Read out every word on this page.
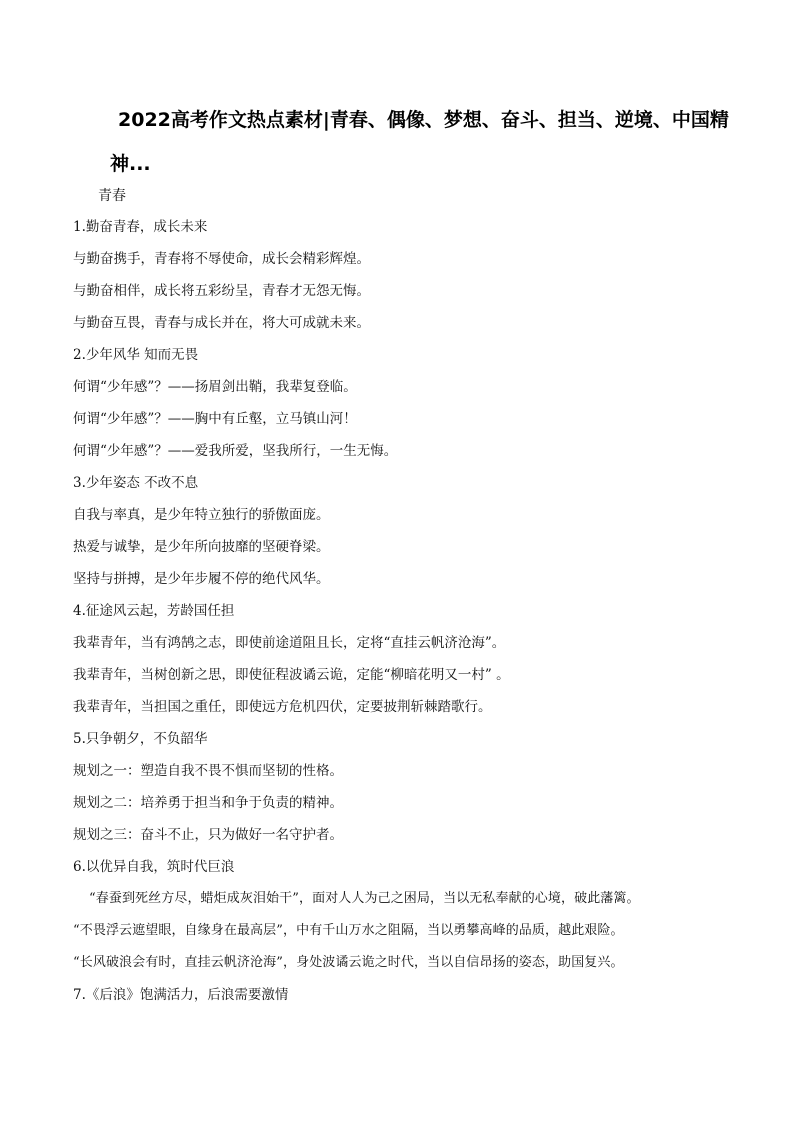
2022高考作文热点素材|青春、偶像、梦想、奋斗、担当、逆境、中国精神...
青春
1.勤奋青春，成长未来
与勤奋携手，青春将不辱使命，成长会精彩辉煌。
与勤奋相伴，成长将五彩纷呈，青春才无怨无悔。
与勤奋互畏，青春与成长并在，将大可成就未来。
2.少年风华 知而无畏
何谓“少年感”？——扬眉剑出鞘，我辈复登临。
何谓“少年感”？——胸中有丘壑，立马镇山河！
何谓“少年感”？——爱我所爱，坚我所行，一生无悔。
3.少年姿态 不改不息
自我与率真，是少年特立独行的骄傲面庞。
热爱与诚挚，是少年所向披靡的坚硬脊梁。
坚持与拼搏，是少年步履不停的绝代风华。
4.征途风云起，芳龄国任担
我辈青年，当有鸿鹄之志，即使前途道阻且长，定将“直挂云帆济沧海”。
我辈青年，当树创新之思，即使征程波谲云诡，定能“柳暗花明又一村” 。
我辈青年，当担国之重任，即使远方危机四伏，定要披荆斩棘踏歌行。
5.只争朝夕，不负韶华
规划之一：塑造自我不畏不惧而坚韧的性格。
规划之二：培养勇于担当和争于负责的精神。
规划之三：奋斗不止，只为做好一名守护者。
6.以优异自我，筑时代巨浪
“春蚕到死丝方尽，蜡炬成灰泪始干”，面对人人为己之困局，当以无私奉献的心境，破此藩篱。
“不畏浮云遮望眼，自缘身在最高层”，中有千山万水之阻隔，当以勇攀高峰的品质，越此艰险。
“长风破浪会有时，直挂云帆济沧海”，身处波谲云诡之时代，当以自信昂扬的姿态，助国复兴。
7.《后浪》饱满活力，后浪需要激情
